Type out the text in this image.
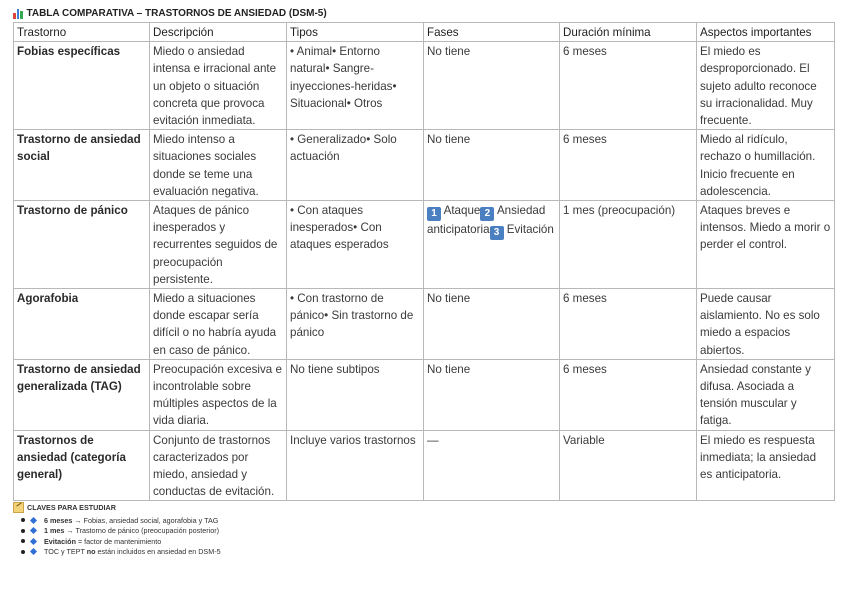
TABLA COMPARATIVA – TRASTORNOS DE ANSIEDAD (DSM-5)
Trastorno	Descripción	Tipos	Fases	Duración mínima	Aspectos importantes
Fobias específicas	Miedo o ansiedad intensa e irracional ante un objeto o situación concreta que provoca evitación inmediata.	• Animal• Entorno natural• Sangre-inyecciones-heridas• Situacional• Otros	No tiene	6 meses	El miedo es desproporcionado. El sujeto adulto reconoce su irracionalidad. Muy frecuente.
Trastorno de ansiedad social	Miedo intenso a situaciones sociales donde se teme una evaluación negativa.	• Generalizado• Solo actuación	No tiene	6 meses	Miedo al ridículo, rechazo o humillación. Inicio frecuente en adolescencia.
Trastorno de pánico	Ataques de pánico inesperados y recurrentes seguidos de preocupación persistente.	• Con ataques inesperados• Con ataques esperados	1 Ataque 2 Ansiedad anticipatoria 3 Evitación	1 mes (preocupación)	Ataques breves e intensos. Miedo a morir o perder el control.
Agorafobia	Miedo a situaciones donde escapar sería difícil o no habría ayuda en caso de pánico.	• Con trastorno de pánico• Sin trastorno de pánico	No tiene	6 meses	Puede causar aislamiento. No es solo miedo a espacios abiertos.
Trastorno de ansiedad generalizada (TAG)	Preocupación excesiva e incontrolable sobre múltiples aspectos de la vida diaria.	No tiene subtipos	No tiene	6 meses	Ansiedad constante y difusa. Asociada a tensión muscular y fatiga.
Trastornos de ansiedad (categoría general)	Conjunto de trastornos caracterizados por miedo, ansiedad y conductas de evitación.	Incluye varios trastornos	—	Variable	El miedo es respuesta inmediata; la ansiedad es anticipatoria.
CLAVES PARA ESTUDIAR
6 meses → Fobias, ansiedad social, agorafobia y TAG
1 mes → Trastorno de pánico (preocupación posterior)
Evitación = factor de mantenimiento
TOC y TEPT no están incluidos en ansiedad en DSM-5
